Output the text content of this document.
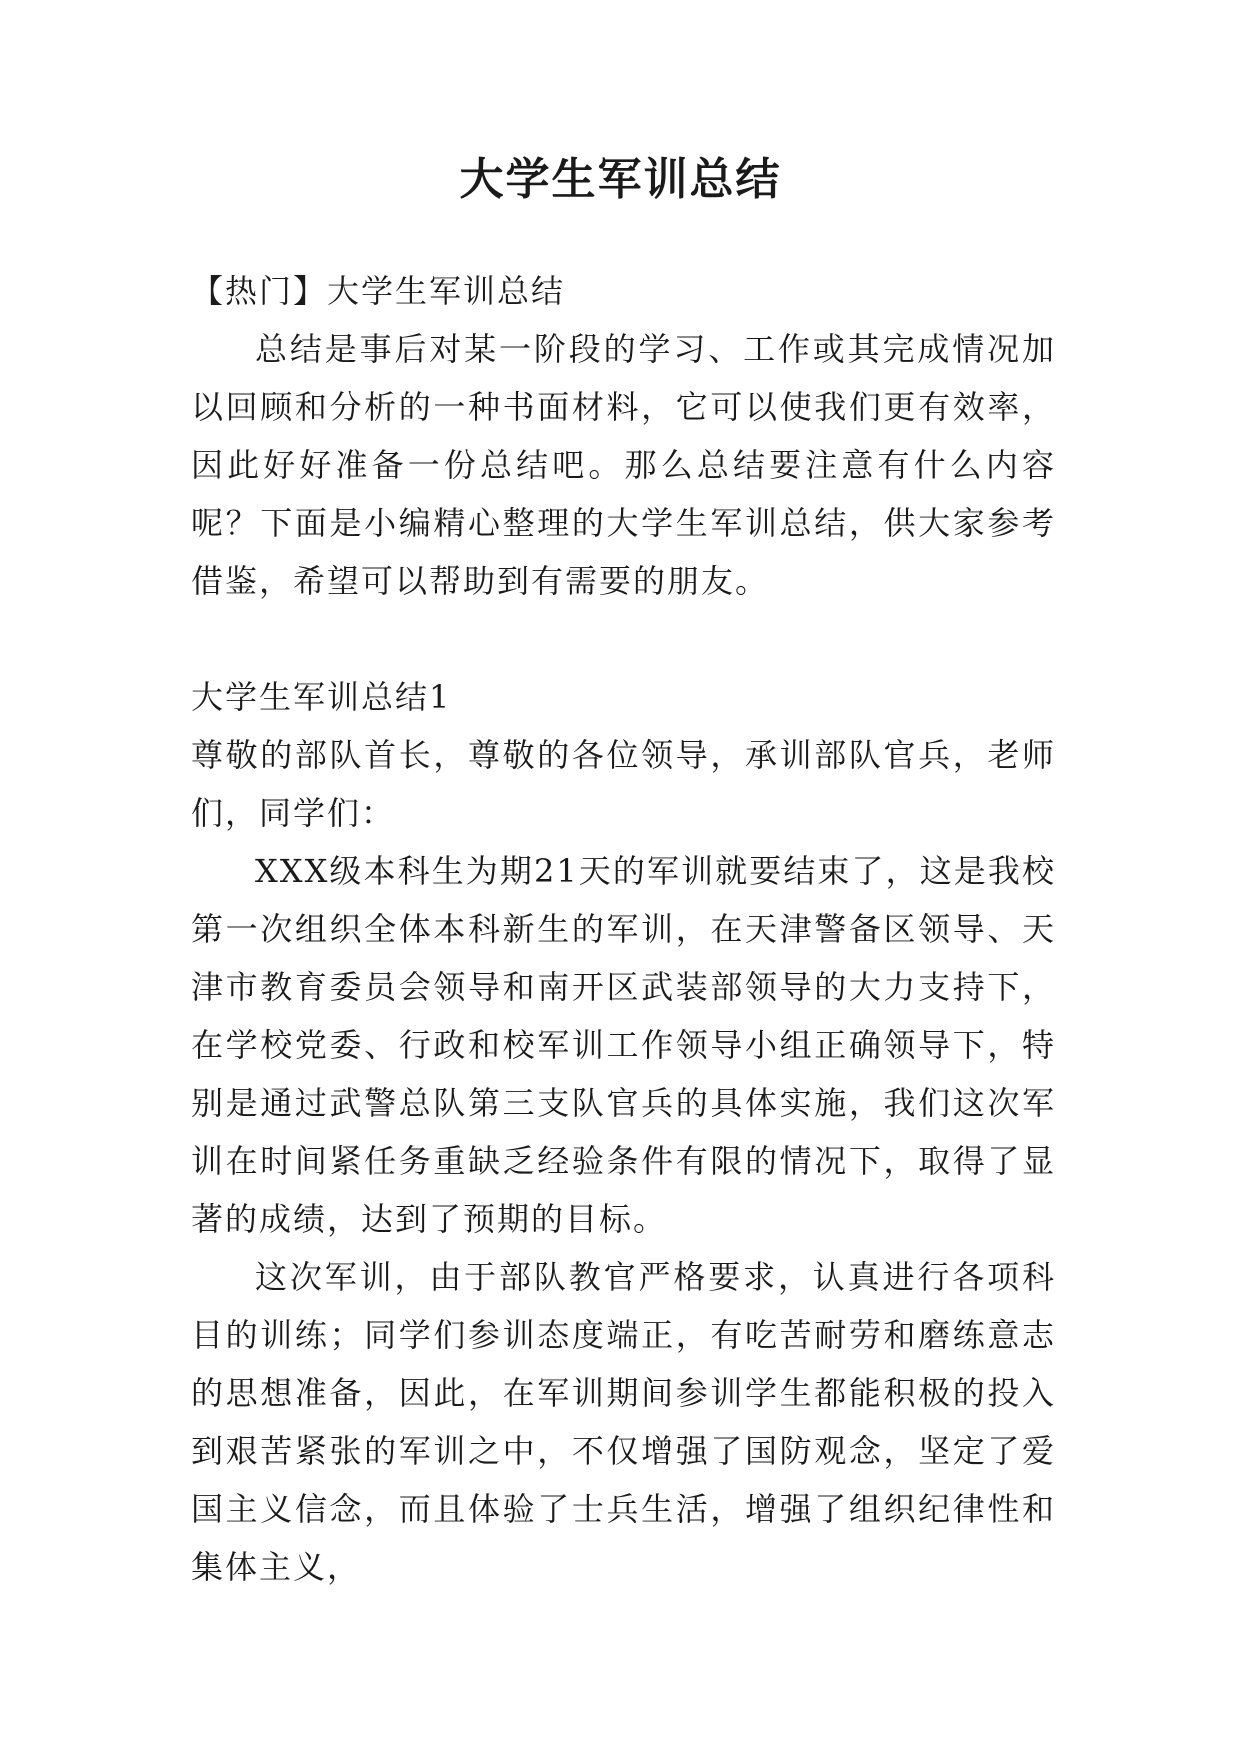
大学生军训总结

【热门】大学生军训总结

总结是事后对某一阶段的学习、工作或其完成情况加以回顾和分析的一种书面材料，它可以使我们更有效率，因此好好准备一份总结吧。那么总结要注意有什么内容呢？下面是小编精心整理的大学生军训总结，供大家参考借鉴，希望可以帮助到有需要的朋友。

大学生军训总结1

尊敬的部队首长，尊敬的各位领导，承训部队官兵，老师们，同学们：

XXX级本科生为期21天的军训就要结束了，这是我校第一次组织全体本科新生的军训，在天津警备区领导、天津市教育委员会领导和南开区武装部领导的大力支持下，在学校党委、行政和校军训工作领导小组正确领导下，特别是通过武警总队第三支队官兵的具体实施，我们这次军训在时间紧任务重缺乏经验条件有限的情况下，取得了显著的成绩，达到了预期的目标。

这次军训，由于部队教官严格要求，认真进行各项科目的训练；同学们参训态度端正，有吃苦耐劳和磨练意志的思想准备，因此，在军训期间参训学生都能积极的投入到艰苦紧张的军训之中，不仅增强了国防观念，坚定了爱国主义信念，而且体验了士兵生活，增强了组织纪律性和集体主义，
